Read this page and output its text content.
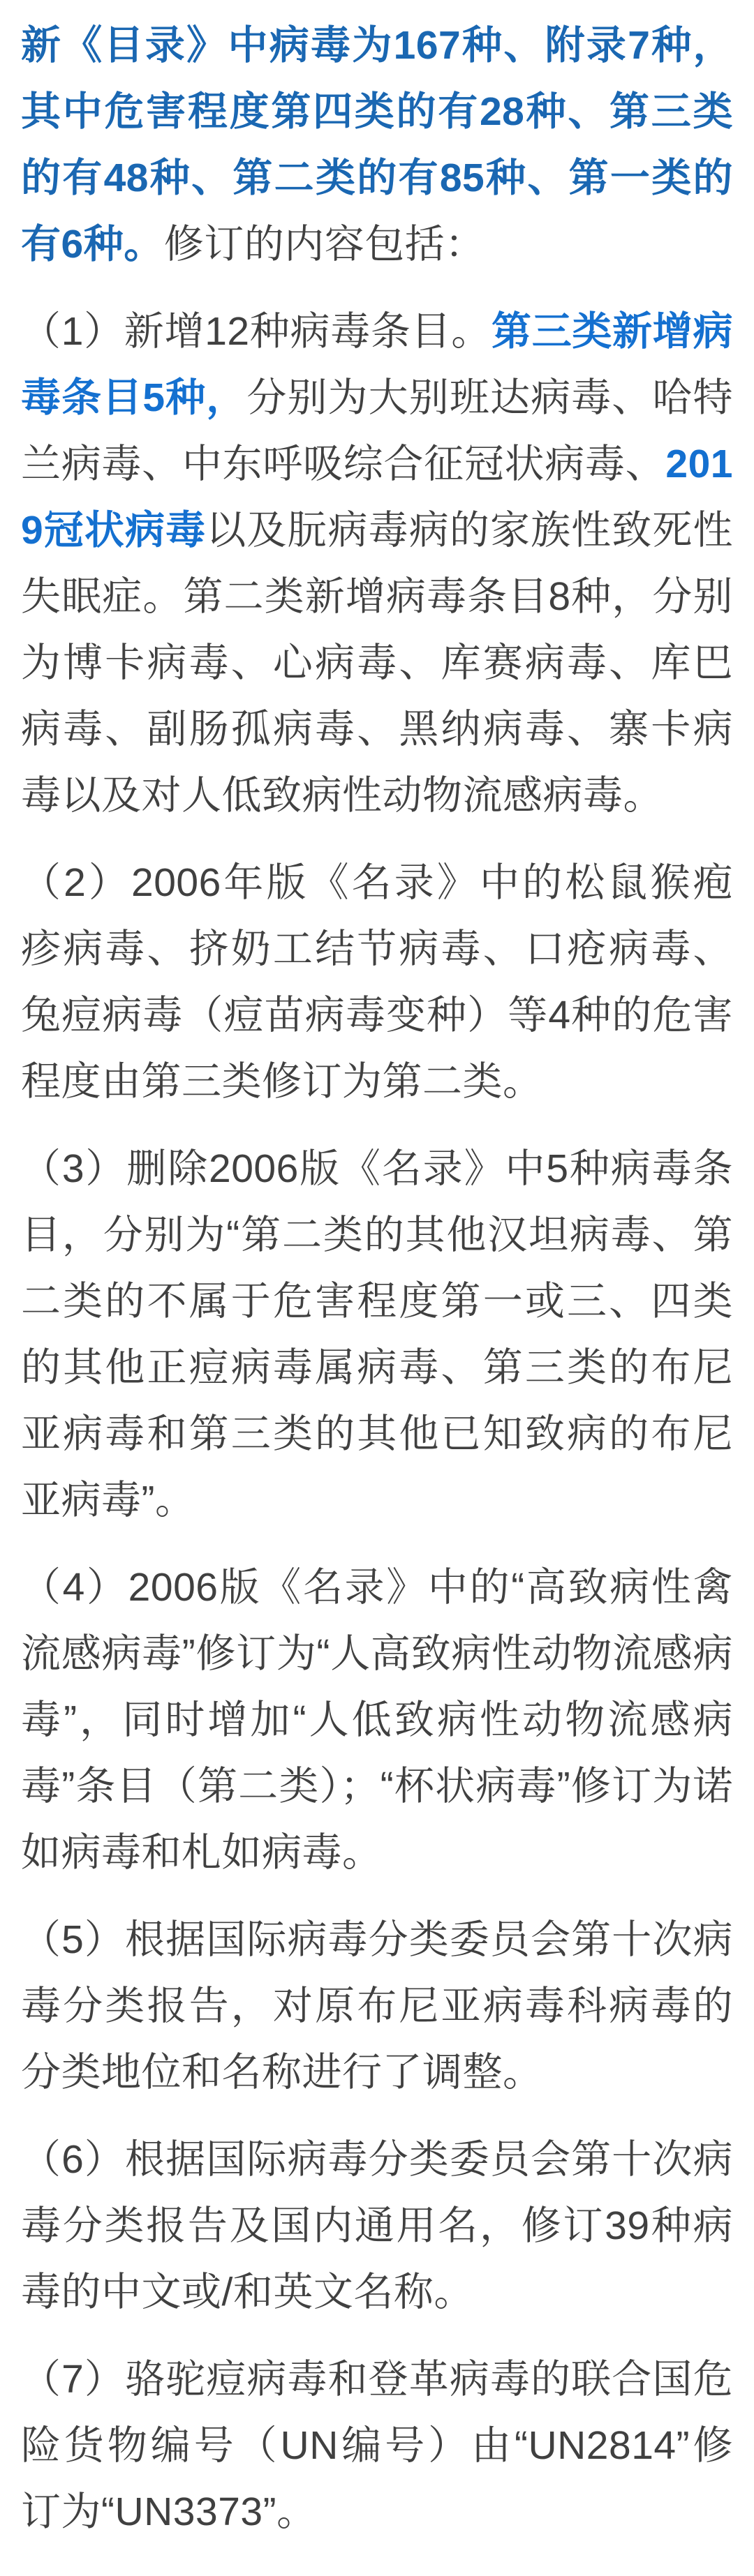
新《目录》中病毒为167种、附录7种，其中危害程度第四类的有28种、第三类的有48种、第二类的有85种、第一类的有6种。修订的内容包括：

（1）新增12种病毒条目。第三类新增病毒条目5种，分别为大别班达病毒、哈特兰病毒、中东呼吸综合征冠状病毒、2019冠状病毒以及朊病毒病的家族性致死性失眠症。第二类新增病毒条目8种，分别为博卡病毒、心病毒、库赛病毒、库巴病毒、副肠孤病毒、黑纳病毒、寨卡病毒以及对人低致病性动物流感病毒。

（2）2006年版《名录》中的松鼠猴疱疹病毒、挤奶工结节病毒、口疮病毒、兔痘病毒（痘苗病毒变种）等4种的危害程度由第三类修订为第二类。

（3）删除2006版《名录》中5种病毒条目，分别为“第二类的其他汉坦病毒、第二类的不属于危害程度第一或三、四类的其他正痘病毒属病毒、第三类的布尼亚病毒和第三类的其他已知致病的布尼亚病毒”。

（4）2006版《名录》中的“高致病性禽流感病毒”修订为“人高致病性动物流感病毒”，同时增加“人低致病性动物流感病毒”条目（第二类）；“杯状病毒”修订为诺如病毒和札如病毒。

（5）根据国际病毒分类委员会第十次病毒分类报告，对原布尼亚病毒科病毒的分类地位和名称进行了调整。

（6）根据国际病毒分类委员会第十次病毒分类报告及国内通用名，修订39种病毒的中文或/和英文名称。

（7）骆驼痘病毒和登革病毒的联合国危险货物编号（UN编号）由“UN2814”修订为“UN3373”。
